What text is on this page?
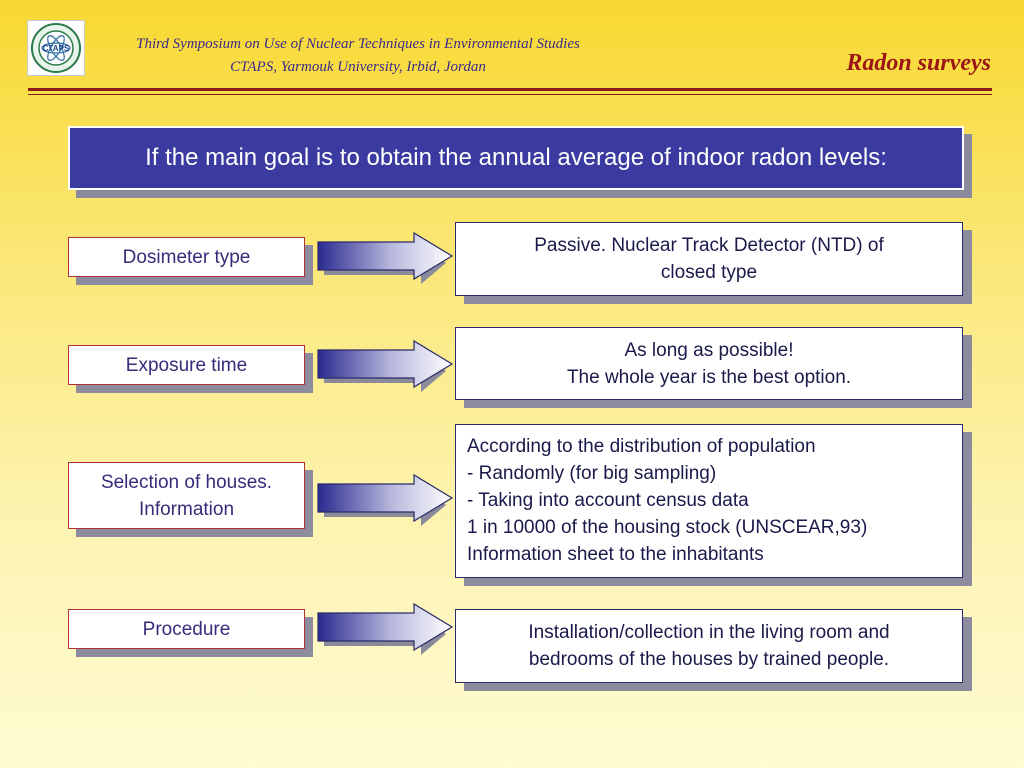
CTAPS	Third Symposium on Use of Nuclear Techniques in Environmental Studies
CTAPS, Yarmouk University, Irbid, Jordan	Radon surveys
If the main goal is to obtain the annual average of indoor radon levels:
Dosimeter type
Passive. Nuclear Track Detector (NTD) of
closed type
Exposure time
As long as possible!
The whole year is the best option.
Selection of houses.
Information
According to the distribution of population
- Randomly (for big sampling)
- Taking into account census data
1 in 10000 of the housing stock (UNSCEAR,93)
Information sheet to the inhabitants
Procedure	Installation/collection in the living room and
bedrooms of the houses by trained people.
